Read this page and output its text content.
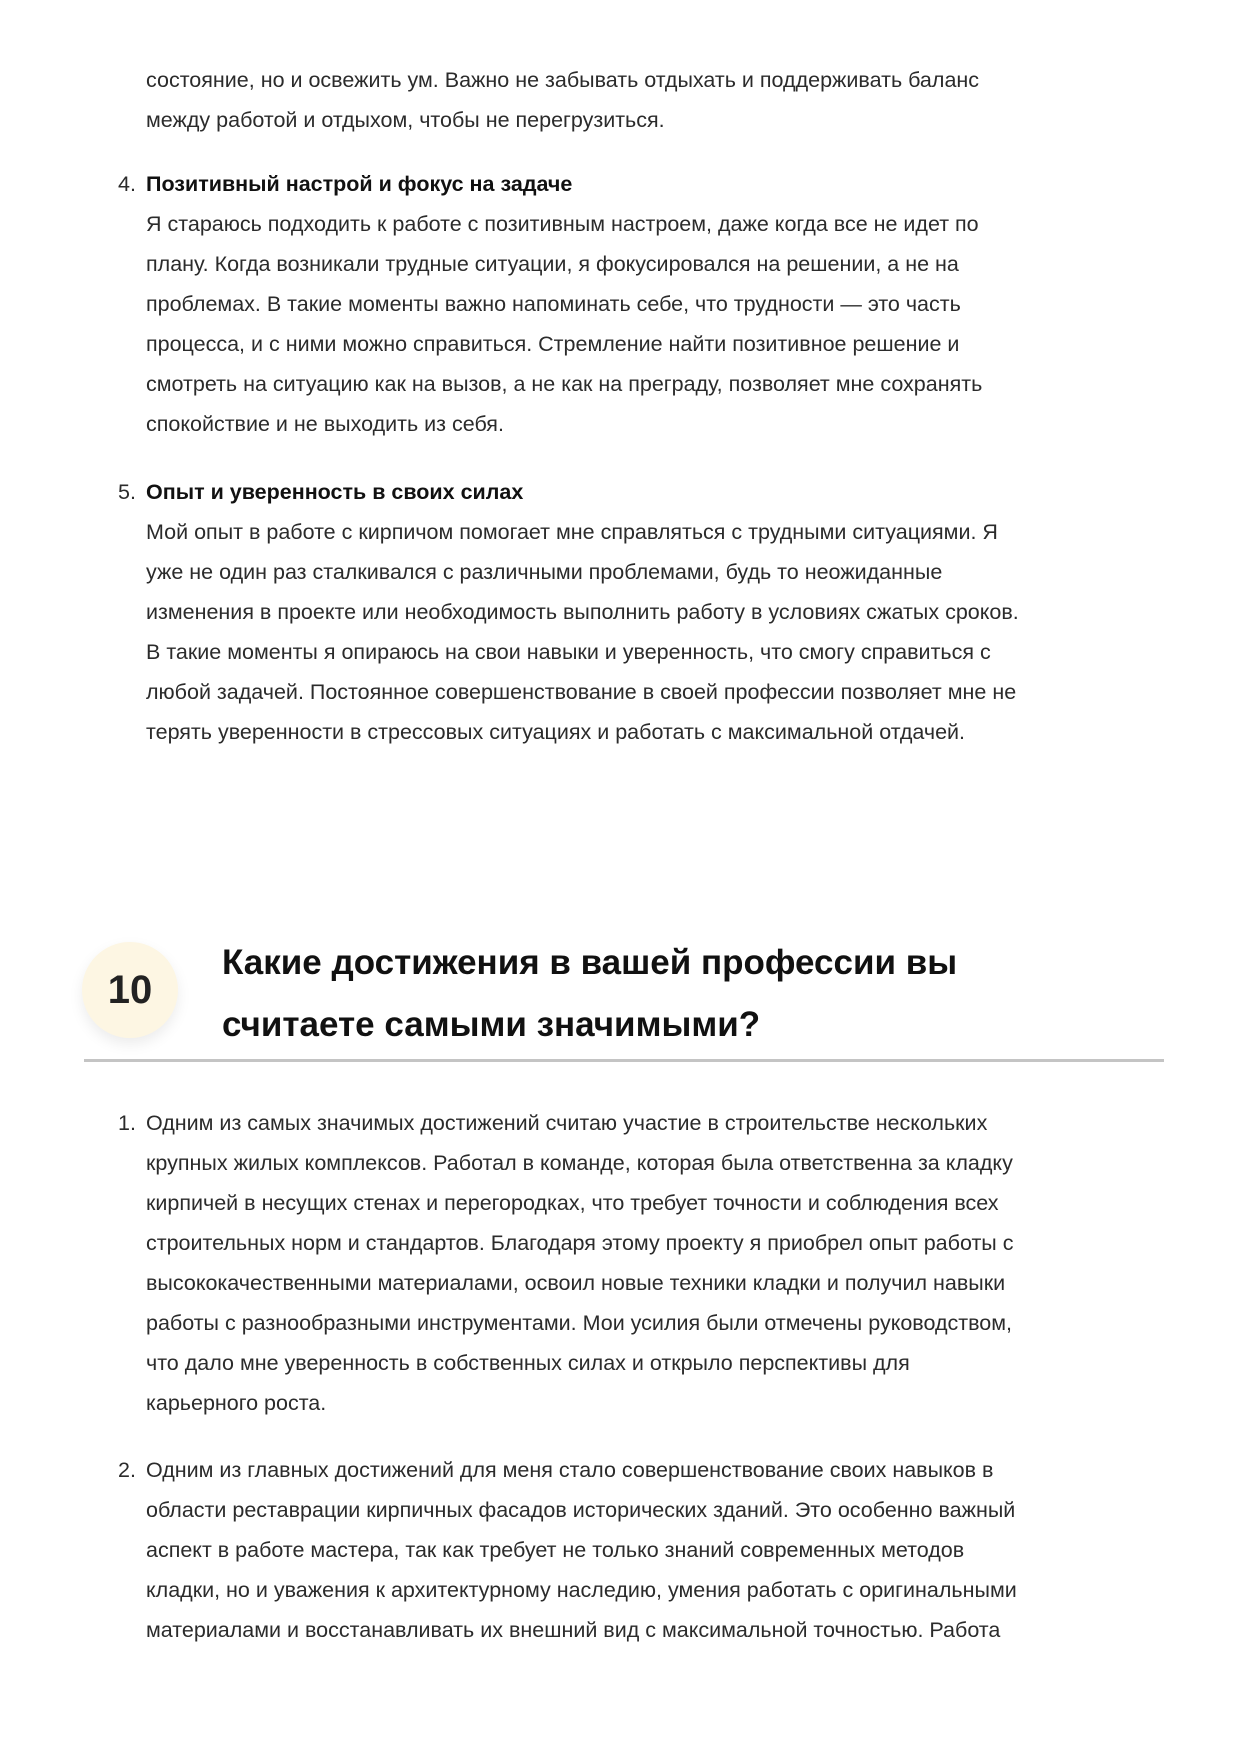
состояние, но и освежить ум. Важно не забывать отдыхать и поддерживать баланс
между работой и отдыхом, чтобы не перегрузиться.
4. Позитивный настрой и фокус на задаче
Я стараюсь подходить к работе с позитивным настроем, даже когда все не идет по
плану. Когда возникали трудные ситуации, я фокусировался на решении, а не на
проблемах. В такие моменты важно напоминать себе, что трудности — это часть
процесса, и с ними можно справиться. Стремление найти позитивное решение и
смотреть на ситуацию как на вызов, а не как на преграду, позволяет мне сохранять
спокойствие и не выходить из себя.
5. Опыт и уверенность в своих силах
Мой опыт в работе с кирпичом помогает мне справляться с трудными ситуациями. Я
уже не один раз сталкивался с различными проблемами, будь то неожиданные
изменения в проекте или необходимость выполнить работу в условиях сжатых сроков.
В такие моменты я опираюсь на свои навыки и уверенность, что смогу справиться с
любой задачей. Постоянное совершенствование в своей профессии позволяет мне не
терять уверенности в стрессовых ситуациях и работать с максимальной отдачей.
10
Какие достижения в вашей профессии вы
считаете самыми значимыми?
1. Одним из самых значимых достижений считаю участие в строительстве нескольких
крупных жилых комплексов. Работал в команде, которая была ответственна за кладку
кирпичей в несущих стенах и перегородках, что требует точности и соблюдения всех
строительных норм и стандартов. Благодаря этому проекту я приобрел опыт работы с
высококачественными материалами, освоил новые техники кладки и получил навыки
работы с разнообразными инструментами. Мои усилия были отмечены руководством,
что дало мне уверенность в собственных силах и открыло перспективы для
карьерного роста.
2. Одним из главных достижений для меня стало совершенствование своих навыков в
области реставрации кирпичных фасадов исторических зданий. Это особенно важный
аспект в работе мастера, так как требует не только знаний современных методов
кладки, но и уважения к архитектурному наследию, умения работать с оригинальными
материалами и восстанавливать их внешний вид с максимальной точностью. Работа
